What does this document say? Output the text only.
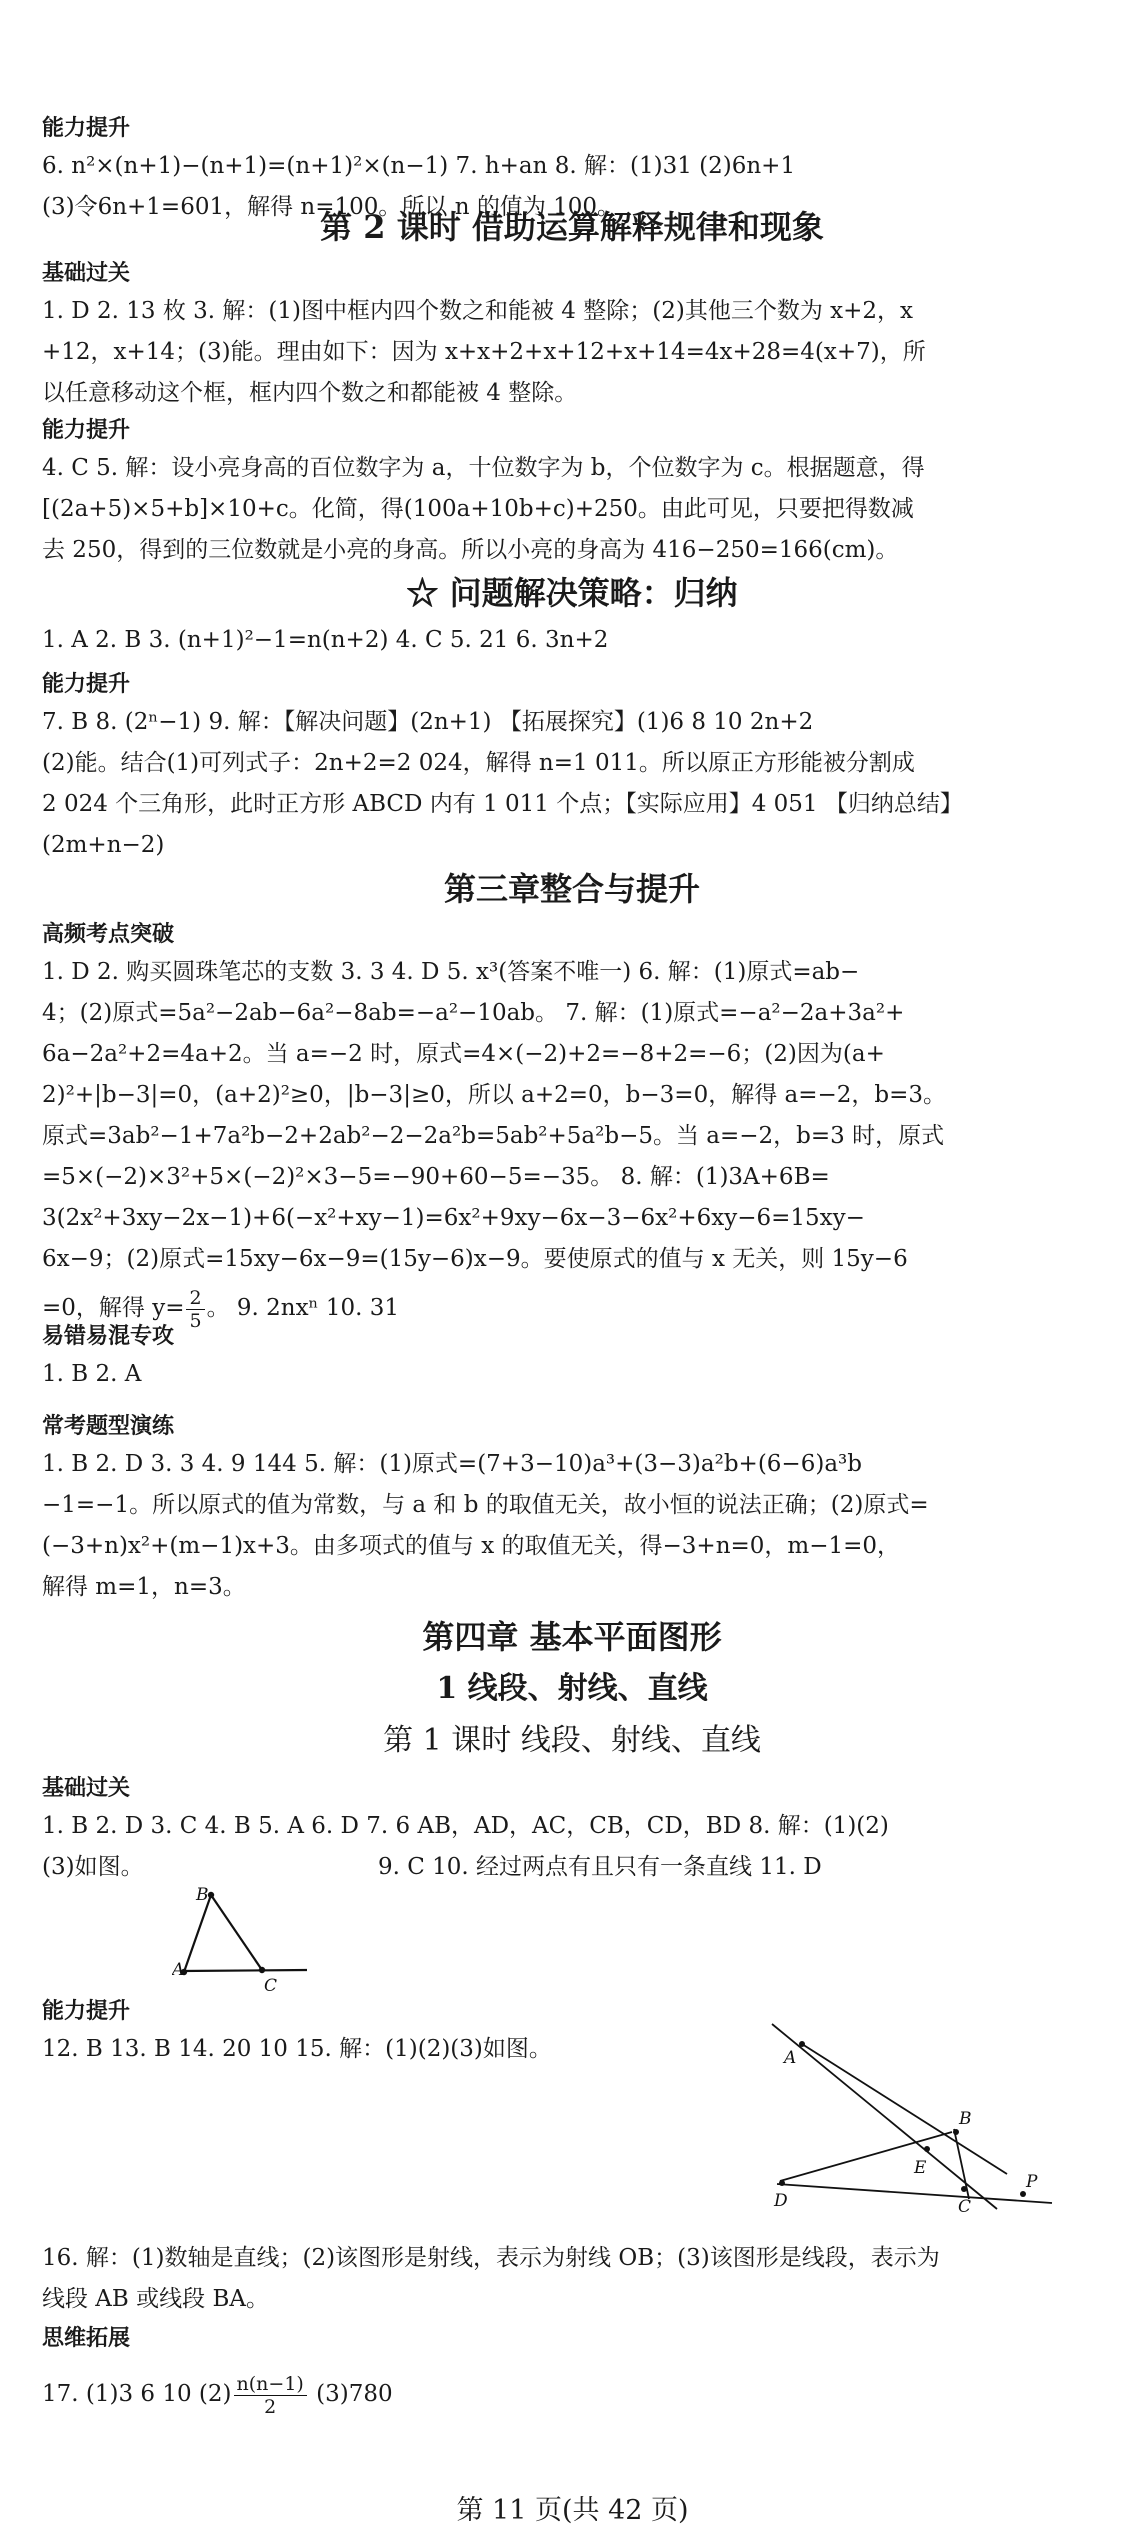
能力提升

6. n²×(n+1)−(n+1)=(n+1)²×(n−1) 7. h+an 8. 解：(1)31 (2)6n+1
(3)令6n+1=601，解得 n=100。所以 n 的值为 100。

第 2 课时 借助运算解释规律和现象

基础过关

1. D 2. 13 枚 3. 解：(1)图中框内四个数之和能被 4 整除；(2)其他三个数为 x+2，x
+12，x+14；(3)能。理由如下：因为 x+x+2+x+12+x+14=4x+28=4(x+7)，所
以任意移动这个框，框内四个数之和都能被 4 整除。

能力提升

4. C 5. 解：设小亮身高的百位数字为 a，十位数字为 b，个位数字为 c。根据题意，得
[(2a+5)×5+b]×10+c。化简，得(100a+10b+c)+250。由此可见，只要把得数减
去 250，得到的三位数就是小亮的身高。所以小亮的身高为 416−250=166(cm)。

☆ 问题解决策略：归纳

1. A 2. B 3. (n+1)²−1=n(n+2) 4. C 5. 21 6. 3n+2

能力提升

7. B 8. (2ⁿ−1) 9. 解：【解决问题】(2n+1) 【拓展探究】(1)6 8 10 2n+2
(2)能。结合(1)可列式子：2n+2=2 024，解得 n=1 011。所以原正方形能被分割成
2 024 个三角形，此时正方形 ABCD 内有 1 011 个点；【实际应用】4 051 【归纳总结】
(2m+n−2)

第三章整合与提升

高频考点突破

1. D 2. 购买圆珠笔芯的支数 3. 3 4. D 5. x³(答案不唯一) 6. 解：(1)原式=ab−
4；(2)原式=5a²−2ab−6a²−8ab=−a²−10ab。 7. 解：(1)原式=−a²−2a+3a²+
6a−2a²+2=4a+2。当 a=−2 时，原式=4×(−2)+2=−8+2=−6；(2)因为(a+
2)²+|b−3|=0，(a+2)²≥0，|b−3|≥0，所以 a+2=0，b−3=0，解得 a=−2，b=3。
原式=3ab²−1+7a²b−2+2ab²−2−2a²b=5ab²+5a²b−5。当 a=−2，b=3 时，原式
=5×(−2)×3²+5×(−2)²×3−5=−90+60−5=−35。 8. 解：(1)3A+6B=
3(2x²+3xy−2x−1)+6(−x²+xy−1)=6x²+9xy−6x−3−6x²+6xy−6=15xy−
6x−9；(2)原式=15xy−6x−9=(15y−6)x−9。要使原式的值与 x 无关，则 15y−6
=0，解得 $y= \frac{2}{5}$ 。 9. 2nxⁿ 10. 31

易错易混专攻

1. B 2. A

常考题型演练

1. B 2. D 3. 3 4. 9 144 5. 解：(1)原式=(7+3−10)a³+(3−3)a²b+(6−6)a³b
−1=−1。所以原式的值为常数，与 a 和 b 的取值无关，故小恒的说法正确；(2)原式=
(−3+n)x²+(m−1)x+3。由多项式的值与 x 的取值无关，得−3+n=0，m−1=0，
解得 m=1，n=3。

第四章 基本平面图形

1 线段、射线、直线

第 1 课时 线段、射线、直线

基础过关

1. B 2. D 3. C 4. B 5. A 6. D 7. 6 AB，AD，AC，CB，CD，BD 8. 解：(1)(2)

(3)如图。	9. C 10. 经过两点有且只有一条直线 11. D
B
A
C

能力提升

12. B 13. B 14. 20 10 15. 解：(1)(2)(3)如图。	A
B
E
D	C
P

16. 解：(1)数轴是直线；(2)该图形是射线，表示为射线 OB；(3)该图形是线段，表示为
线段 AB 或线段 BA。

思维拓展

17. (1)3 6 10 $(2) \frac{n(n-1)}{2} (3)780$

第 11 页(共 42 页)
